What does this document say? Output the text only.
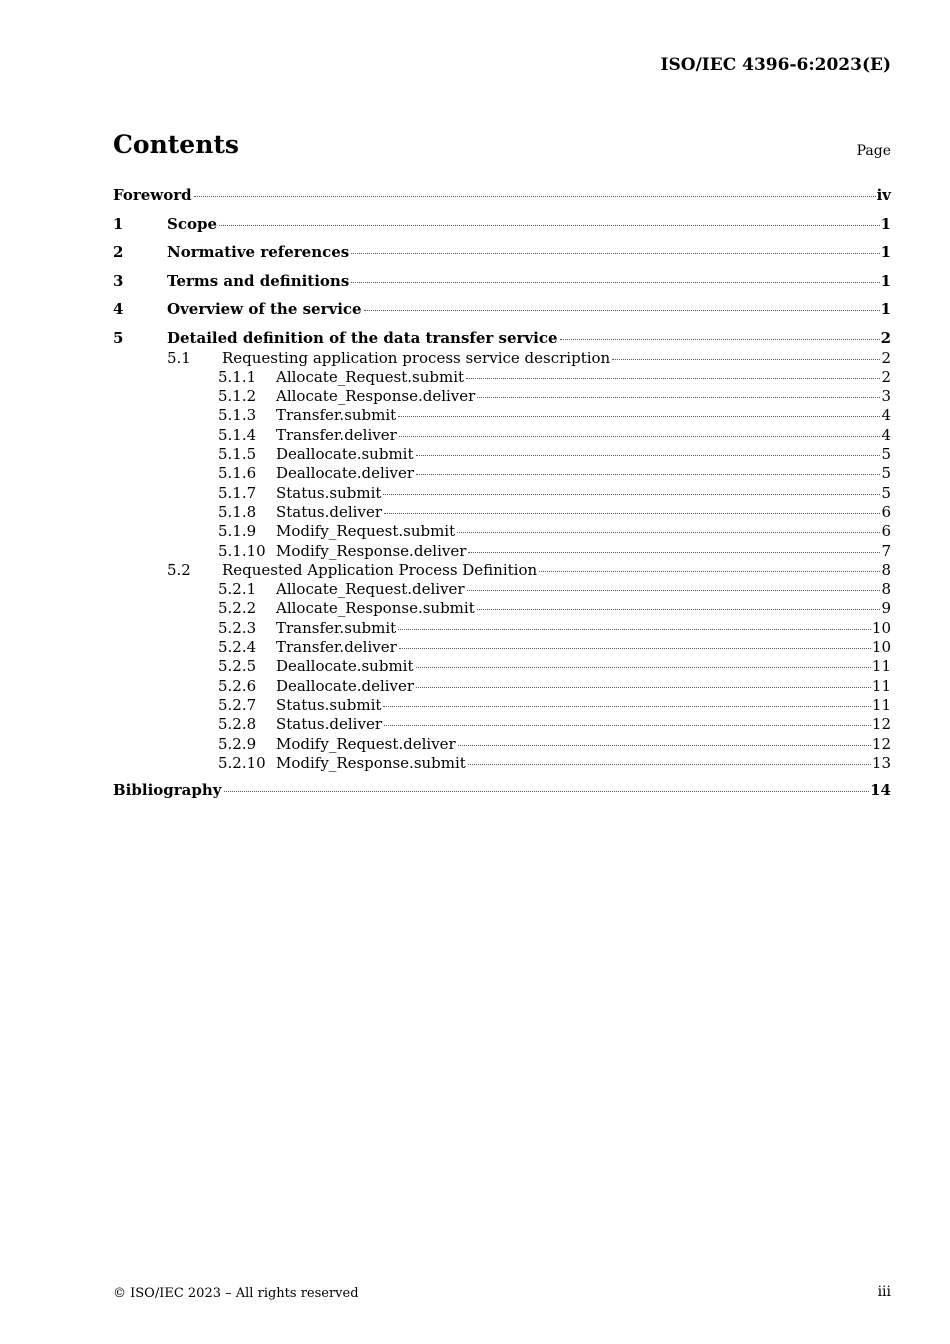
ISO/IEC 4396-6:2023(E)
Contents	Page
Foreword	iv
1	Scope	1
2	Normative references	1
3	Terms and definitions	1
4	Overview of the service	1
5	Detailed definition of the data transfer service	2
5.1	Requesting application process service description	2
5.1.1	Allocate_Request.submit	2
5.1.2	Allocate_Response.deliver	3
5.1.3	Transfer.submit	4
5.1.4	Transfer.deliver	4
5.1.5	Deallocate.submit	5
5.1.6	Deallocate.deliver	5
5.1.7	Status.submit	5
5.1.8	Status.deliver	6
5.1.9	Modify_Request.submit	6
5.1.10 Modify_Response.deliver	7
5.2	Requested Application Process Definition	8
5.2.1	Allocate_Request.deliver	8
5.2.2	Allocate_Response.submit	9
5.2.3	Transfer.submit	10
5.2.4	Transfer.deliver	10
5.2.5	Deallocate.submit	11
5.2.6	Deallocate.deliver	11
5.2.7	Status.submit	11
5.2.8	Status.deliver	12
5.2.9	Modify_Request.deliver	12
5.2.10 Modify_Response.submit	13
Bibliography	14
© ISO/IEC 2023 – All rights reserved	iii
